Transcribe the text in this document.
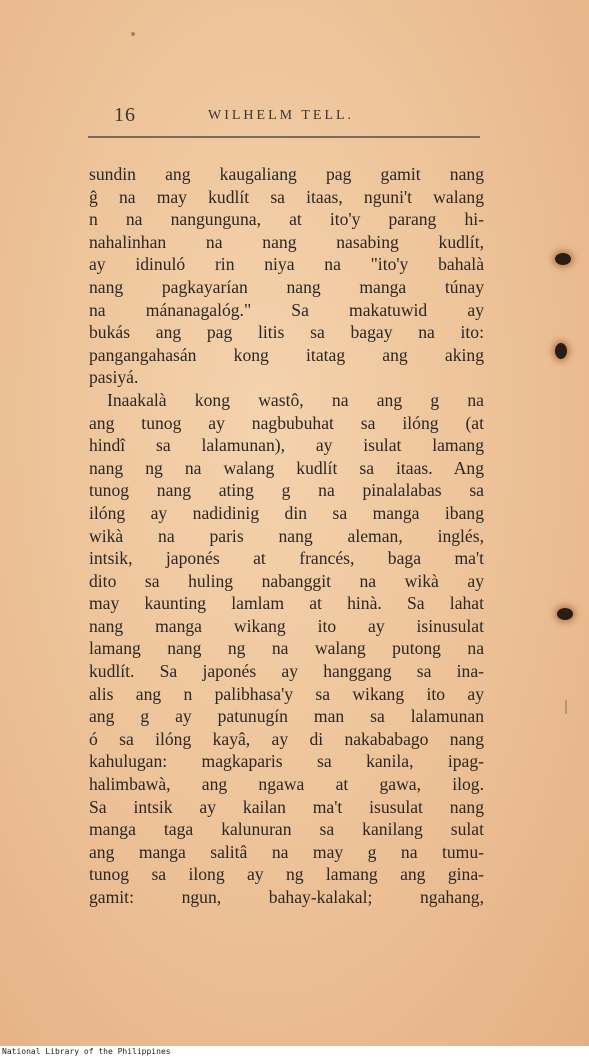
16	WILHELM TELL.
sundin ang kaugaliang pag gamit nang
ĝ na may kudlít sa itaas, nguni't walang
n na nangunguna, at ito'y parang hi-
nahalinhan na nang nasabing kudlít,
ay idinuló rin niya na "ito'y bahalà
nang pagkayarían nang manga túnay
na mánanagalóg." Sa makatuwid ay
bukás ang pag litis sa bagay na ito:
pangangahasán kong itatag ang aking
pasiyá.
Inaakalà kong wastô, na ang g na
ang tunog ay nagbubuhat sa ilóng (at
hindî sa lalamunan), ay isulat lamang
nang ng na walang kudlít sa itaas. Ang
tunog nang ating g na pinalalabas sa
ilóng ay nadidinig din sa manga ibang
wikà na paris nang aleman, inglés,
intsik, japonés at francés, baga ma't
dito sa huling nabanggit na wikà ay
may kaunting lamlam at hinà. Sa lahat
nang manga wikang ito ay isinusulat
lamang nang ng na walang putong na
kudlít. Sa japonés ay hanggang sa ina-
alis ang n palibhasa'y sa wikang ito ay
ang g ay patunugín man sa lalamunan
ó sa ilóng kayâ, ay di nakababago nang
kahulugan: magkaparis sa kanila, ipag-
halimbawà, ang ngawa at gawa, ilog.
Sa intsik ay kailan ma't isusulat nang
manga taga kalunuran sa kanilang sulat
ang manga salitâ na may g na tumu-
tunog sa ilong ay ng lamang ang gina-
gamit: ngun, bahay-kalakal; ngahang,
National Library of the Philippines
